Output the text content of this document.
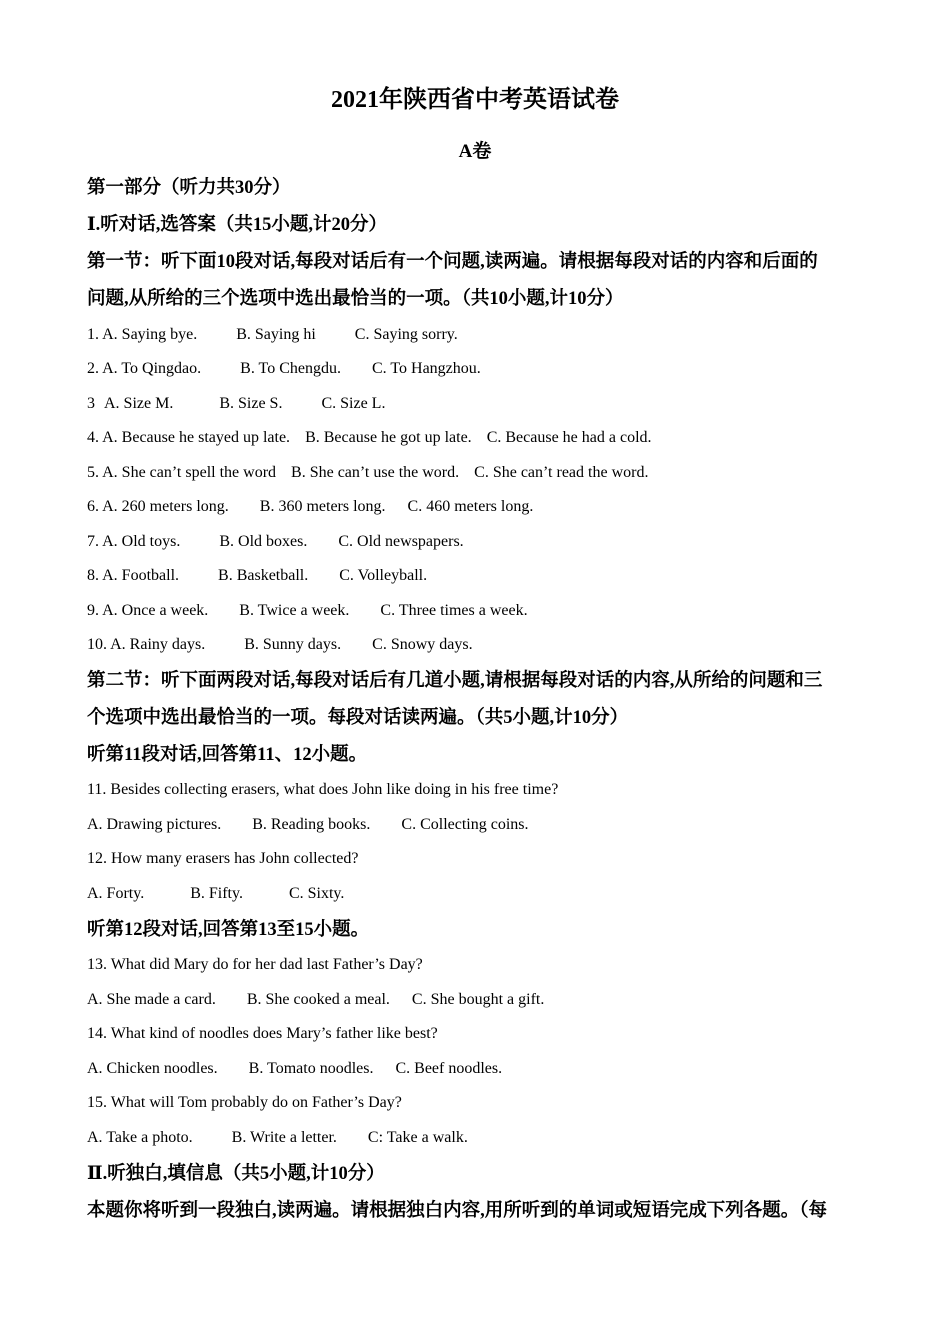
2021年陕西省中考英语试卷
A卷
第一部分（听力共30分）
Ⅰ.听对话,选答案（共15小题,计20分）
第一节：听下面10段对话,每段对话后有一个问题,读两遍。请根据每段对话的内容和后面的
问题,从所给的三个选项中选出最恰当的一项。（共10小题,计10分）
1. A. Saying bye. B. Saying hi C. Saying sorry.
2. A. To Qingdao. B. To Chengdu. C. To Hangzhou.
3 A. Size M.	B. Size S. C. Size L.
4. A. Because he stayed up late. B. Because he got up late. C. Because he had a cold.
5. A. She can’t spell the word B. She can’t use the word. C. She can’t read the word.
6. A. 260 meters long. B. 360 meters long. C. 460 meters long.
7. A. Old toys. B. Old boxes. C. Old newspapers.
8. A. Football. B. Basketball. C. Volleyball.
9. A. Once a week. B. Twice a week. C. Three times a week.
10. A. Rainy days. B. Sunny days. C. Snowy days.
第二节：听下面两段对话,每段对话后有几道小题,请根据每段对话的内容,从所给的问题和三
个选项中选出最恰当的一项。每段对话读两遍。（共5小题,计10分）
听第11段对话,回答第11、12小题。
11. Besides collecting erasers, what does John like doing in his free time?
A. Drawing pictures. B. Reading books. C. Collecting coins.
12. How many erasers has John collected?
A. Forty.	B. Fifty.	C. Sixty.
听第12段对话,回答第13至15小题。
13. What did Mary do for her dad last Father’s Day?
A. She made a card. B. She cooked a meal. C. She bought a gift.
14. What kind of noodles does Mary’s father like best?
A. Chicken noodles. B. Tomato noodles. C. Beef noodles.
15. What will Tom probably do on Father’s Day?
A. Take a photo. B. Write a letter. C: Take a walk.
Ⅱ.听独白,填信息（共5小题,计10分）
本题你将听到一段独白,读两遍。请根据独白内容,用所听到的单词或短语完成下列各题。（每
